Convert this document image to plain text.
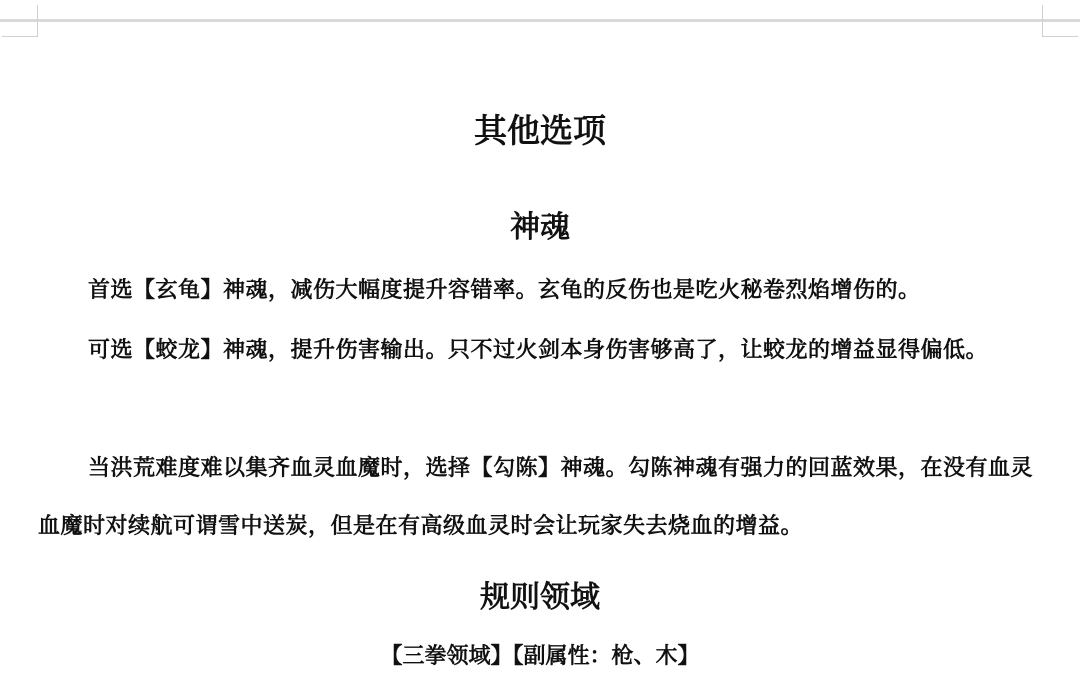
其他选项
神魂

首选【玄龟】神魂，减伤大幅度提升容错率。玄龟的反伤也是吃火秘卷烈焰增伤的。

可选【蛟龙】神魂，提升伤害输出。只不过火剑本身伤害够高了，让蛟龙的增益显得偏低。

当洪荒难度难以集齐血灵血魔时，选择【勾陈】神魂。勾陈神魂有强力的回蓝效果，在没有血灵血魔时对续航可谓雪中送炭，但是在有高级血灵时会让玩家失去烧血的增益。

规则领域

【三拳领域】【副属性：枪、木】
